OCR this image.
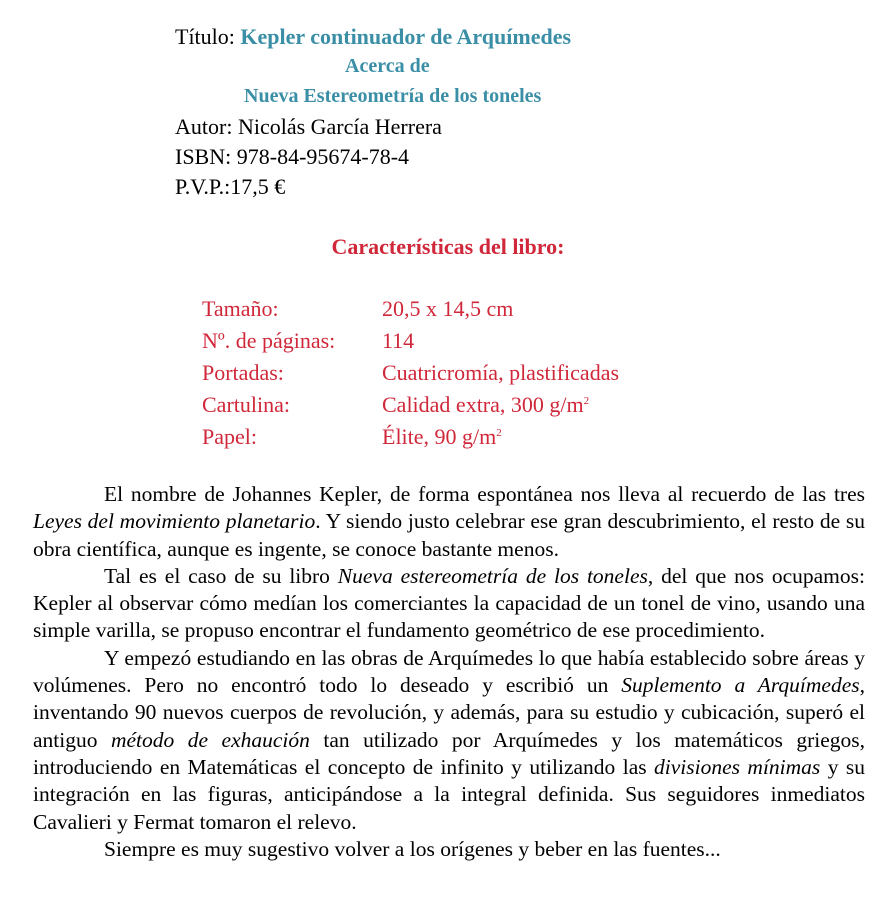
Título: Kepler continuador de Arquímedes
Acerca de
Nueva Estereometría de los toneles
Autor: Nicolás García Herrera
ISBN: 978-84-95674-78-4
P.V.P.:17,5 €
Características del libro:
Tamaño:	20,5 x 14,5 cm
Nº. de páginas: 114
Portadas:	Cuatricromía, plastificadas
Cartulina:	Calidad extra, 300 $g/m^2$
Papel:	Élite, 90 $g/m^2$

El nombre de Johannes Kepler, de forma espontánea nos lleva al recuerdo de las tres Leyes del movimiento planetario. Y siendo justo celebrar ese gran descubrimiento, el resto de su obra científica, aunque es ingente, se conoce bastante menos.

Tal es el caso de su libro Nueva estereometría de los toneles, del que nos ocupamos: Kepler al observar cómo medían los comerciantes la capacidad de un tonel de vino, usando una simple varilla, se propuso encontrar el fundamento geométrico de ese procedimiento.

Y empezó estudiando en las obras de Arquímedes lo que había establecido sobre áreas y volúmenes. Pero no encontró todo lo deseado y escribió un Suplemento a Arquímedes, inventando 90 nuevos cuerpos de revolución, y además, para su estudio y cubicación, superó el antiguo método de exhaución tan utilizado por Arquímedes y los matemáticos griegos, introduciendo en Matemáticas el concepto de infinito y utilizando las divisiones mínimas y su integración en las figuras, anticipándose a la integral definida. Sus seguidores inmediatos Cavalieri y Fermat tomaron el relevo.

Siempre es muy sugestivo volver a los orígenes y beber en las fuentes...
